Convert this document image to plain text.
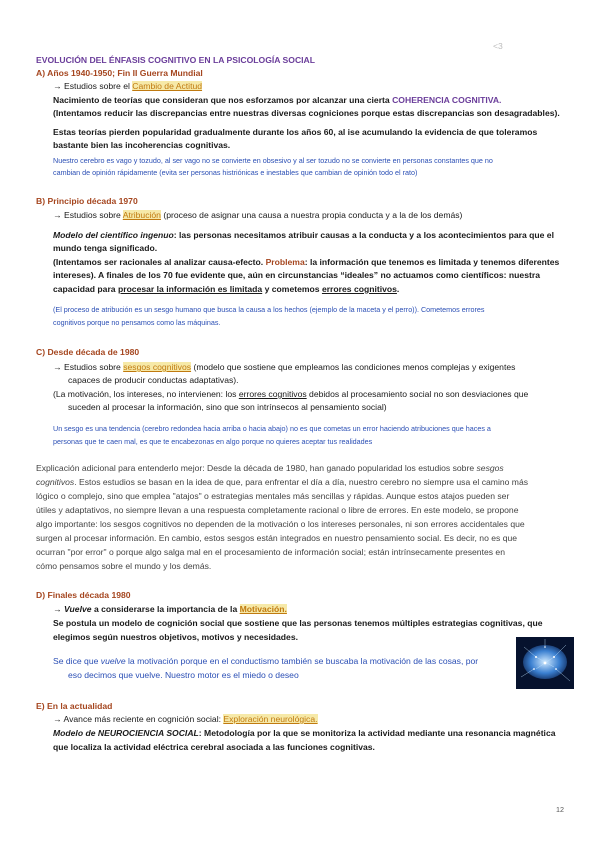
<3
EVOLUCIÓN DEL ÉNFASIS COGNITIVO EN LA PSICOLOGÍA SOCIAL
A) Años 1940-1950; Fin II Guerra Mundial
→ Estudios sobre el Cambio de Actitud
Nacimiento de teorías que consideran que nos esforzamos por alcanzar una cierta COHERENCIA COGNITIVA.
(Intentamos reducir las discrepancias entre nuestras diversas cogniciones porque estas discrepancias son desagradables).
Estas teorías pierden popularidad gradualmente durante los años 60, al ise acumulando la evidencia de que toleramos
bastante bien las incoherencias cognitivas.
Nuestro cerebro es vago y tozudo, al ser vago no se convierte en obsesivo y al ser tozudo no se convierte en personas constantes que no
cambian de opinión rápidamente (evita ser personas histriónicas e inestables que cambian de opinión todo el rato)
B) Principio década 1970
→ Estudios sobre Atribución (proceso de asignar una causa a nuestra propia conducta y a la de los demás)
Modelo del científico ingenuo: las personas necesitamos atribuir causas a la conducta y a los acontecimientos para que el
mundo tenga significado.
(Intentamos ser racionales al analizar causa-efecto. Problema: la información que tenemos es limitada y tenemos diferentes
intereses). A finales de los 70 fue evidente que, aún en circunstancias “ideales” no actuamos como científicos: nuestra
capacidad para procesar la información es limitada y cometemos errores cognitivos.
(El proceso de atribución es un sesgo humano que busca la causa a los hechos (ejemplo de la maceta y el perro)). Cometemos errores
cognitivos porque no pensamos como las máquinas.
C) Desde década de 1980
→ Estudios sobre sesgos cognitivos (modelo que sostiene que empleamos las condiciones menos complejas y exigentes
capaces de producir conductas adaptativas).
(La motivación, los intereses, no intervienen: los errores cognitivos debidos al procesamiento social no son desviaciones que
suceden al procesar la información, sino que son intrínsecos al pensamiento social)
Un sesgo es una tendencia (cerebro redondea hacia arriba o hacia abajo) no es que cometas un error haciendo atribuciones que haces a
personas que te caen mal, es que te encabezonas en algo porque no quieres aceptar tus realidades
Explicación adicional para entenderlo mejor: Desde la década de 1980, han ganado popularidad los estudios sobre sesgos
cognitivos. Estos estudios se basan en la idea de que, para enfrentar el día a día, nuestro cerebro no siempre usa el camino más
lógico o complejo, sino que emplea "atajos" o estrategias mentales más sencillas y rápidas. Aunque estos atajos pueden ser
útiles y adaptativos, no siempre llevan a una respuesta completamente racional o libre de errores. En este modelo, se propone
algo importante: los sesgos cognitivos no dependen de la motivación o los intereses personales, ni son errores accidentales que
surgen al procesar información. En cambio, estos sesgos están integrados en nuestro pensamiento social. Es decir, no es que
ocurran "por error" o porque algo salga mal en el procesamiento de información social; están intrínsecamente presentes en
cómo pensamos sobre el mundo y los demás.
D) Finales década 1980
→ Vuelve a considerarse la importancia de la Motivación.
Se postula un modelo de cognición social que sostiene que las personas tenemos múltiples estrategias cognitivas, que
elegimos según nuestros objetivos, motivos y necesidades.
Se dice que vuelve la motivación porque en el conductismo también se buscaba la motivación de las cosas, por
eso decimos que vuelve. Nuestro motor es el miedo o deseo
E) En la actualidad
→ Avance más reciente en cognición social: Exploración neurológica.
Modelo de NEUROCIENCIA SOCIAL: Metodología por la que se monitoriza la actividad mediante una resonancia magnética
que localiza la actividad eléctrica cerebral asociada a las funciones cognitivas.
12
